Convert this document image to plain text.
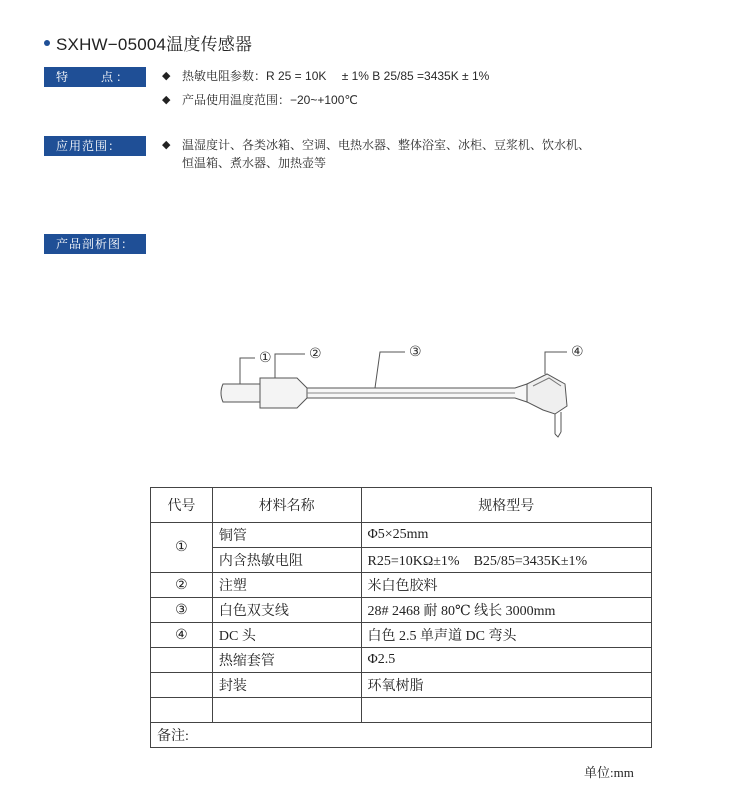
SXHW−05004温度传感器
特　　点：	◆ 热敏电阻参数：R 25 = 10K　 ± 1% B 25/85 =3435K ± 1%
◆ 产品使用温度范围：−20~+100℃
应用范围：	◆ 温湿度计、各类冰箱、空调、电热水器、整体浴室、冰柜、豆浆机、饮水机、
恒温箱、煮水器、加热壶等
产品剖析图：
①	②	③	④
代号	材料名称	规格型号
①	铜管	Φ5×25mm
	内含热敏电阻	R25=10KΩ±1%　B25/85=3435K±1%
②	注塑	米白色胶料
③	白色双支线	28# 2468 耐 80℃ 线长 3000mm
④	DC 头	白色 2.5 单声道 DC 弯头
	热缩套管	Φ2.5
	封装	环氧树脂

备注:		
单位:mm
